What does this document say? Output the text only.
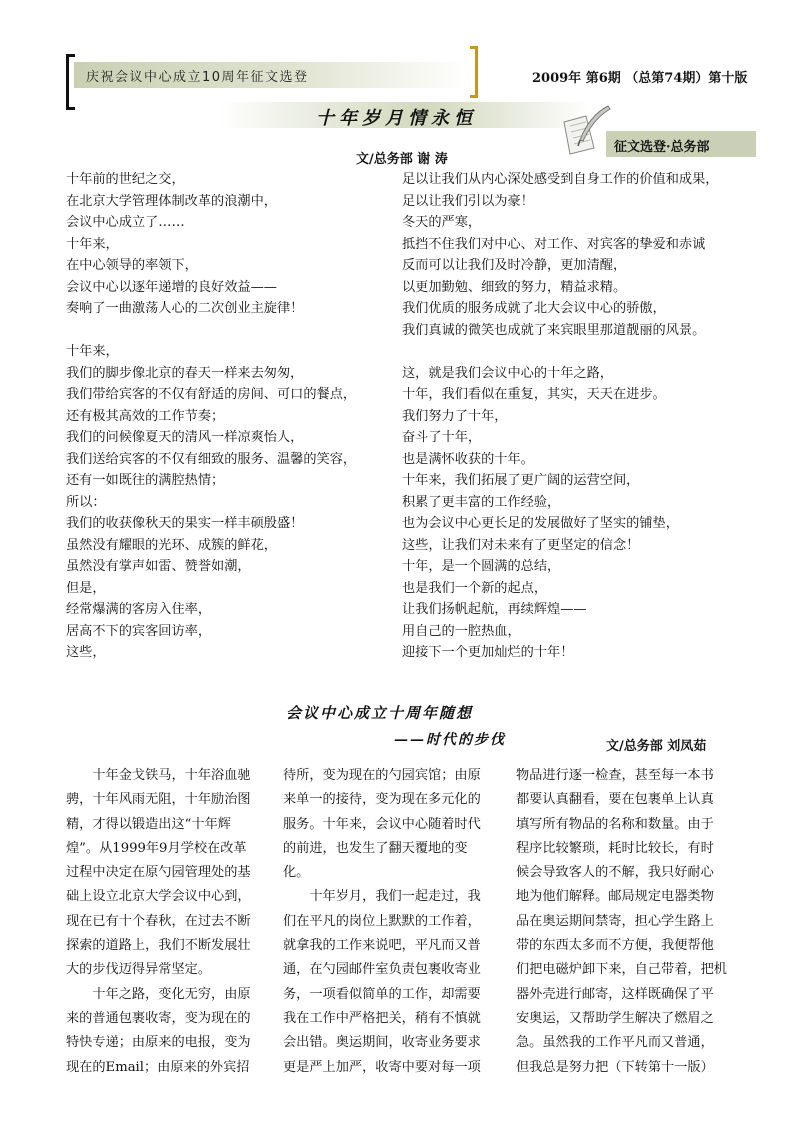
庆祝会议中心成立10周年征文选登	2009年 第6期 （总第74期）第十版
十年岁月情永恒
征文选登·总务部
文/总务部 谢 涛
十年前的世纪之交，
在北京大学管理体制改革的浪潮中，
会议中心成立了……
十年来，
在中心领导的率领下，
会议中心以逐年递增的良好效益——
奏响了一曲激荡人心的二次创业主旋律！
十年来，
我们的脚步像北京的春天一样来去匆匆，
我们带给宾客的不仅有舒适的房间、可口的餐点，
还有极其高效的工作节奏；
我们的问候像夏天的清风一样凉爽怡人，
我们送给宾客的不仅有细致的服务、温馨的笑容，
还有一如既往的满腔热情；
所以：
我们的收获像秋天的果实一样丰硕殷盛！
虽然没有耀眼的光环、成簇的鲜花，
虽然没有掌声如雷、赞誉如潮，
但是，
经常爆满的客房入住率，
居高不下的宾客回访率，
这些，
足以让我们从内心深处感受到自身工作的价值和成果，
足以让我们引以为豪！
冬天的严寒，
抵挡不住我们对中心、对工作、对宾客的挚爱和赤诚
反而可以让我们及时冷静，更加清醒，
以更加勤勉、细致的努力，精益求精。
我们优质的服务成就了北大会议中心的骄傲，
我们真诚的微笑也成就了来宾眼里那道靓丽的风景。
这，就是我们会议中心的十年之路，
十年，我们看似在重复，其实，天天在进步。
我们努力了十年，
奋斗了十年，
也是满怀收获的十年。
十年来，我们拓展了更广阔的运营空间，
积累了更丰富的工作经验，
也为会议中心更长足的发展做好了坚实的铺垫，
这些，让我们对未来有了更坚定的信念！
十年，是一个圆满的总结，
也是我们一个新的起点，
让我们扬帆起航，再续辉煌——
用自己的一腔热血，
迎接下一个更加灿烂的十年！
会议中心成立十周年随想
——时代的步伐	文/总务部 刘凤茹
　　十年金戈铁马，十年浴血驰
骋，十年风雨无阻，十年励治图
精，才得以锻造出这“十年辉
煌”。从1999年9月学校在改革
过程中决定在原勺园管理处的基
础上设立北京大学会议中心到，
现在已有十个春秋，在过去不断
探索的道路上，我们不断发展壮
大的步伐迈得异常坚定。
　　十年之路，变化无穷，由原
来的普通包裹收寄，变为现在的
特快专递；由原来的电报，变为
现在的Email；由原来的外宾招
待所，变为现在的勺园宾馆；由原
来单一的接待，变为现在多元化的
服务。十年来，会议中心随着时代
的前进，也发生了翻天覆地的变
化。
　　十年岁月，我们一起走过，我
们在平凡的岗位上默默的工作着，
就拿我的工作来说吧，平凡而又普
通，在勺园邮件室负责包裹收寄业
务，一项看似简单的工作，却需要
我在工作中严格把关，稍有不慎就
会出错。奥运期间，收寄业务要求
更是严上加严，收寄中要对每一项
物品进行逐一检查，甚至每一本书
都要认真翻看，要在包裹单上认真
填写所有物品的名称和数量。由于
程序比较繁琐，耗时比较长，有时
候会导致客人的不解，我只好耐心
地为他们解释。邮局规定电器类物
品在奥运期间禁寄，担心学生路上
带的东西太多而不方便，我便帮他
们把电磁炉卸下来，自己带着，把机
器外壳进行邮寄，这样既确保了平
安奥运，又帮助学生解决了燃眉之
急。虽然我的工作平凡而又普通，
但我总是努力把（下转第十一版）
